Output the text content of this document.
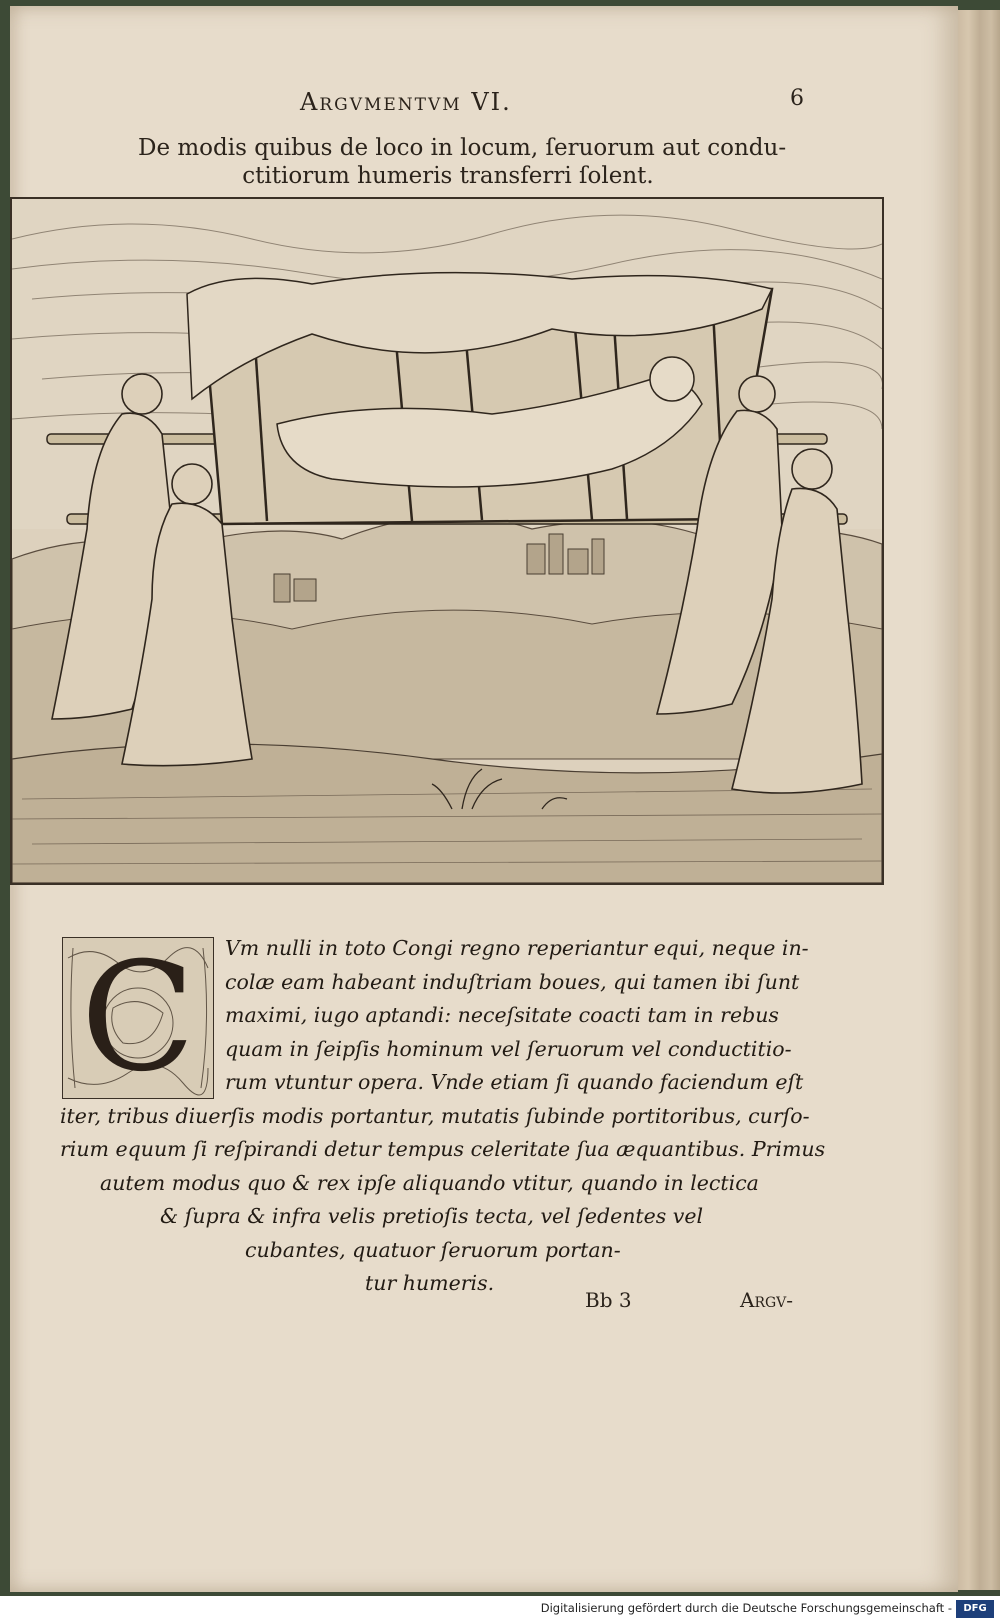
Argvmentvm VI.	6
De modis quibus de loco in locum, ſeruorum aut condu-
ctitiorum humeris transferri ſolent.
C	Vm nulli in toto Congi regno reperiantur equi, neque in-
colæ eam habeant induſtriam boues, qui tamen ibi ſunt
maximi, iugo aptandi: neceſsitate coacti tam in rebus
quam in ſeipſis hominum vel ſeruorum vel conductitio-
rum vtuntur opera. Vnde etiam ſi quando faciendum eſt
iter, tribus diuerſis modis portantur, mutatis ſubinde portitoribus, curſo-
rium equum ſi reſpirandi detur tempus celeritate ſua æquantibus. Primus
autem modus quo & rex ipſe aliquando vtitur, quando in lectica
& ſupra & infra velis pretioſis tecta, vel ſedentes vel
cubantes, quatuor ſeruorum portan-
tur humeris.
Bb 3	Argv-
Digitalisierung gefördert durch die Deutsche Forschungsgemeinschaft -	DFG
